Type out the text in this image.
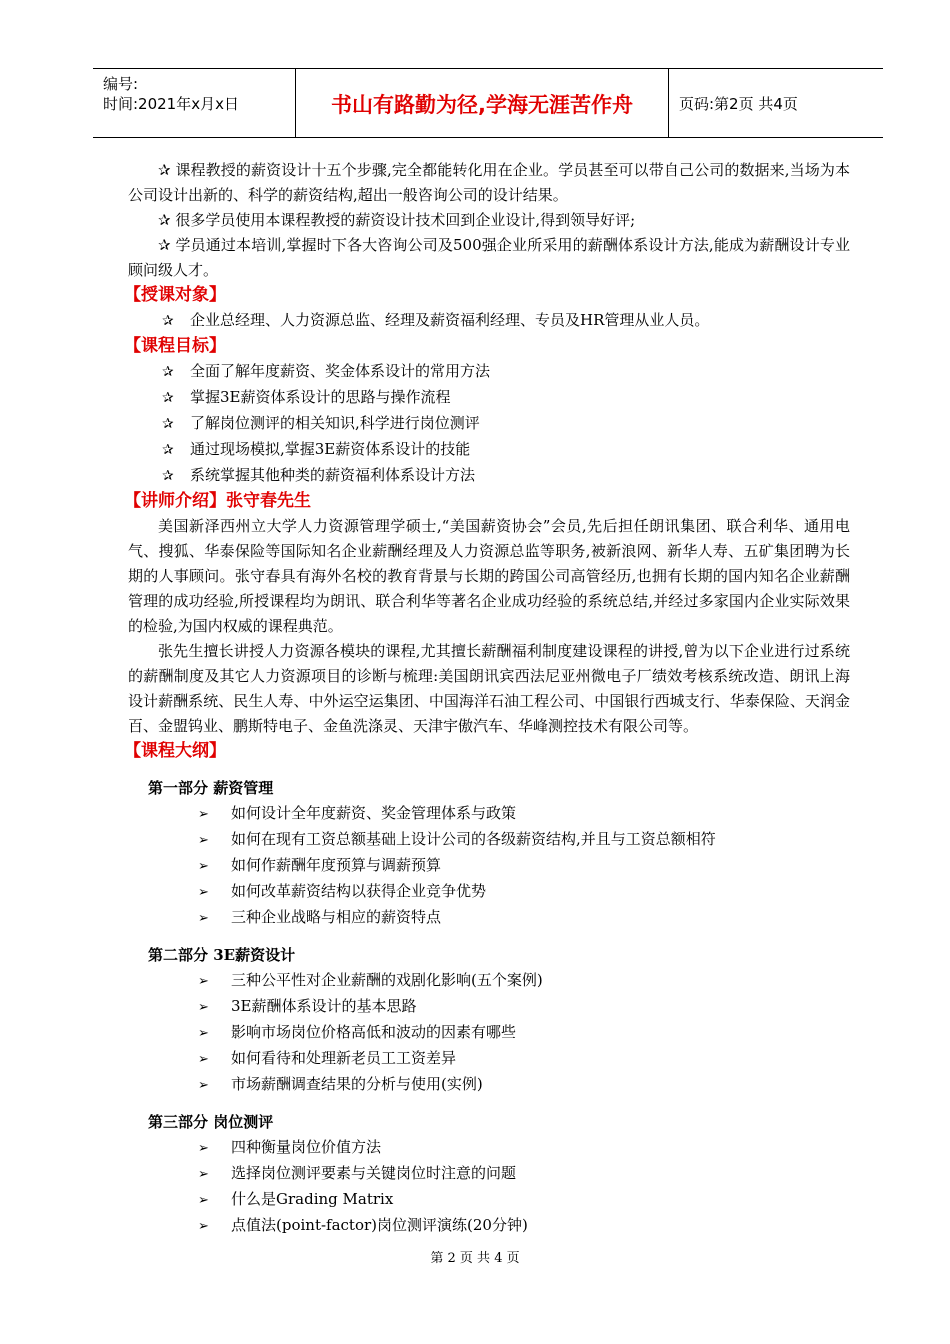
编号:
时间:2021年x月x日	书山有路勤为径,学海无涯苦作舟	页码:第2页 共4页

✰ 课程教授的薪资设计十五个步骤,完全都能转化用在企业。学员甚至可以带自己公司的数据来,当场为本公司设计出新的、科学的薪资结构,超出一般咨询公司的设计结果。

✰ 很多学员使用本课程教授的薪资设计技术回到企业设计,得到领导好评;

✰ 学员通过本培训,掌握时下各大咨询公司及500强企业所采用的薪酬体系设计方法,能成为薪酬设计专业顾问级人才。

【授课对象】

✰ 企业总经理、人力资源总监、经理及薪资福利经理、专员及HR管理从业人员。

【课程目标】

✰ 全面了解年度薪资、奖金体系设计的常用方法

✰ 掌握3E薪资体系设计的思路与操作流程

✰ 了解岗位测评的相关知识,科学进行岗位测评

✰ 通过现场模拟,掌握3E薪资体系设计的技能

✰ 系统掌握其他种类的薪资福利体系设计方法

【讲师介绍】张守春先生

美国新泽西州立大学人力资源管理学硕士,“美国薪资协会”会员,先后担任朗讯集团、联合利华、通用电气、搜狐、华泰保险等国际知名企业薪酬经理及人力资源总监等职务,被新浪网、新华人寿、五矿集团聘为长期的人事顾问。张守春具有海外名校的教育背景与长期的跨国公司高管经历,也拥有长期的国内知名企业薪酬管理的成功经验,所授课程均为朗讯、联合利华等著名企业成功经验的系统总结,并经过多家国内企业实际效果的检验,为国内权威的课程典范。

张先生擅长讲授人力资源各模块的课程,尤其擅长薪酬福利制度建设课程的讲授,曾为以下企业进行过系统的薪酬制度及其它人力资源项目的诊断与梳理:美国朗讯宾西法尼亚州微电子厂绩效考核系统改造、朗讯上海设计薪酬系统、民生人寿、中外运空运集团、中国海洋石油工程公司、中国银行西城支行、华泰保险、天润金百、金盟钨业、鹏斯特电子、金鱼洗涤灵、天津宇傲汽车、华峰测控技术有限公司等。

【课程大纲】
第一部分 薪资管理

➢ 如何设计全年度薪资、奖金管理体系与政策

➢ 如何在现有工资总额基础上设计公司的各级薪资结构,并且与工资总额相符

➢ 如何作薪酬年度预算与调薪预算

➢ 如何改革薪资结构以获得企业竞争优势

➢ 三种企业战略与相应的薪资特点

第二部分 3E薪资设计

➢ 三种公平性对企业薪酬的戏剧化影响(五个案例)

➢ 3E薪酬体系设计的基本思路

➢ 影响市场岗位价格高低和波动的因素有哪些

➢ 如何看待和处理新老员工工资差异

➢ 市场薪酬调查结果的分析与使用(实例)

第三部分 岗位测评

➢ 四种衡量岗位价值方法

➢ 选择岗位测评要素与关键岗位时注意的问题

➢ 什么是Grading Matrix

➢ 点值法(point-factor)岗位测评演练(20分钟)

第 2 页 共 4 页
